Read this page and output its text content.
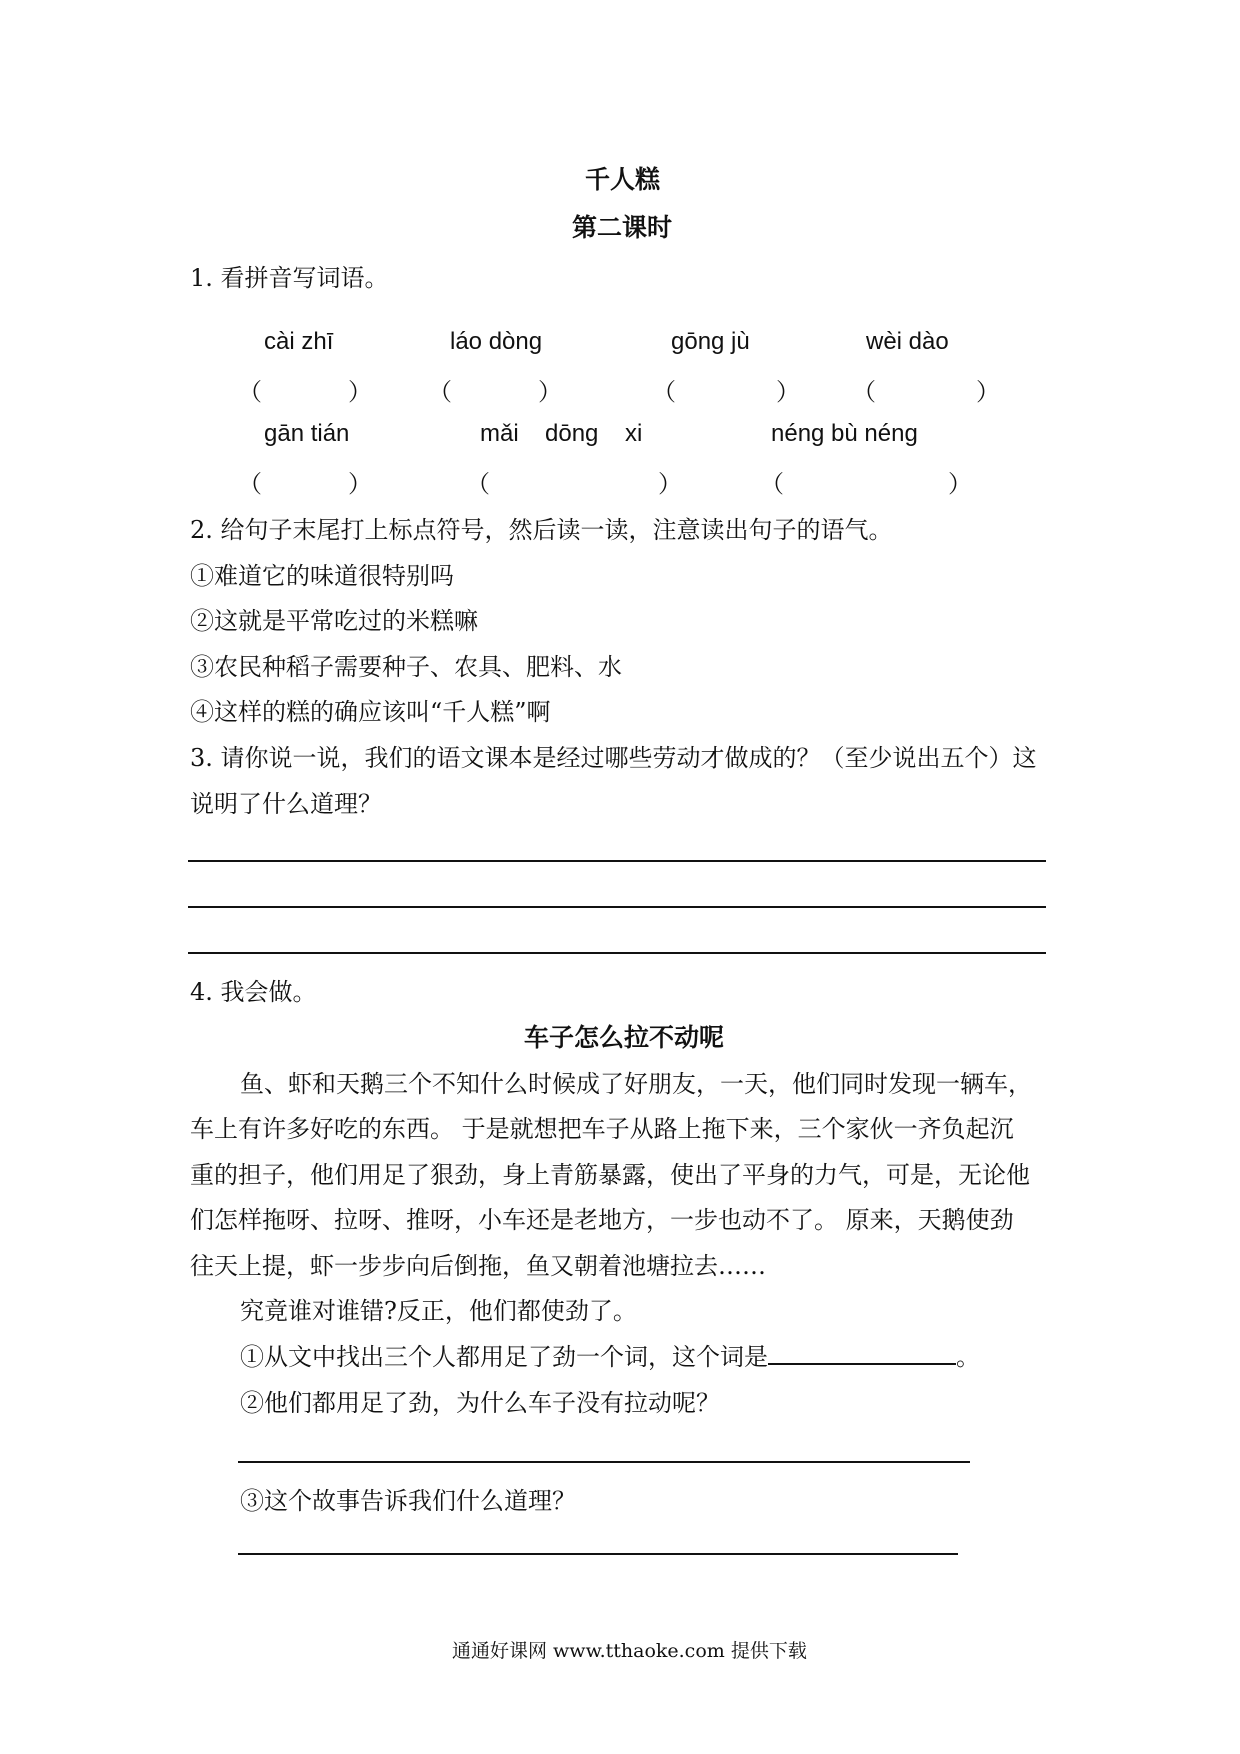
千人糕
第二课时
1. 看拼音写词语。
cài zhī	láo dòng	gōng jù	wèi dào
（	） （	）	（	） （	）
gān tián	mǎi dōng xi	néng bù néng
（	）	（	）	（	）
2. 给句子末尾打上标点符号，然后读一读，注意读出句子的语气。
①难道它的味道很特别吗
②这就是平常吃过的米糕嘛
③农民种稻子需要种子、农具、肥料、水
④这样的糕的确应该叫“千人糕”啊
3. 请你说一说，我们的语文课本是经过哪些劳动才做成的？（至少说出五个）这
说明了什么道理？
4. 我会做。
车子怎么拉不动呢
鱼、虾和天鹅三个不知什么时候成了好朋友，一天，他们同时发现一辆车，
车上有许多好吃的东西。 于是就想把车子从路上拖下来，三个家伙一齐负起沉
重的担子，他们用足了狠劲，身上青筋暴露，使出了平身的力气，可是，无论他
们怎样拖呀、拉呀、推呀，小车还是老地方，一步也动不了。 原来，天鹅使劲
往天上提，虾一步步向后倒拖，鱼又朝着池塘拉去……
究竟谁对谁错?反正，他们都使劲了。
①从文中找出三个人都用足了劲一个词，这个词是	。
②他们都用足了劲，为什么车子没有拉动呢？
③这个故事告诉我们什么道理？
通通好课网 www.tthaoke.com 提供下载
